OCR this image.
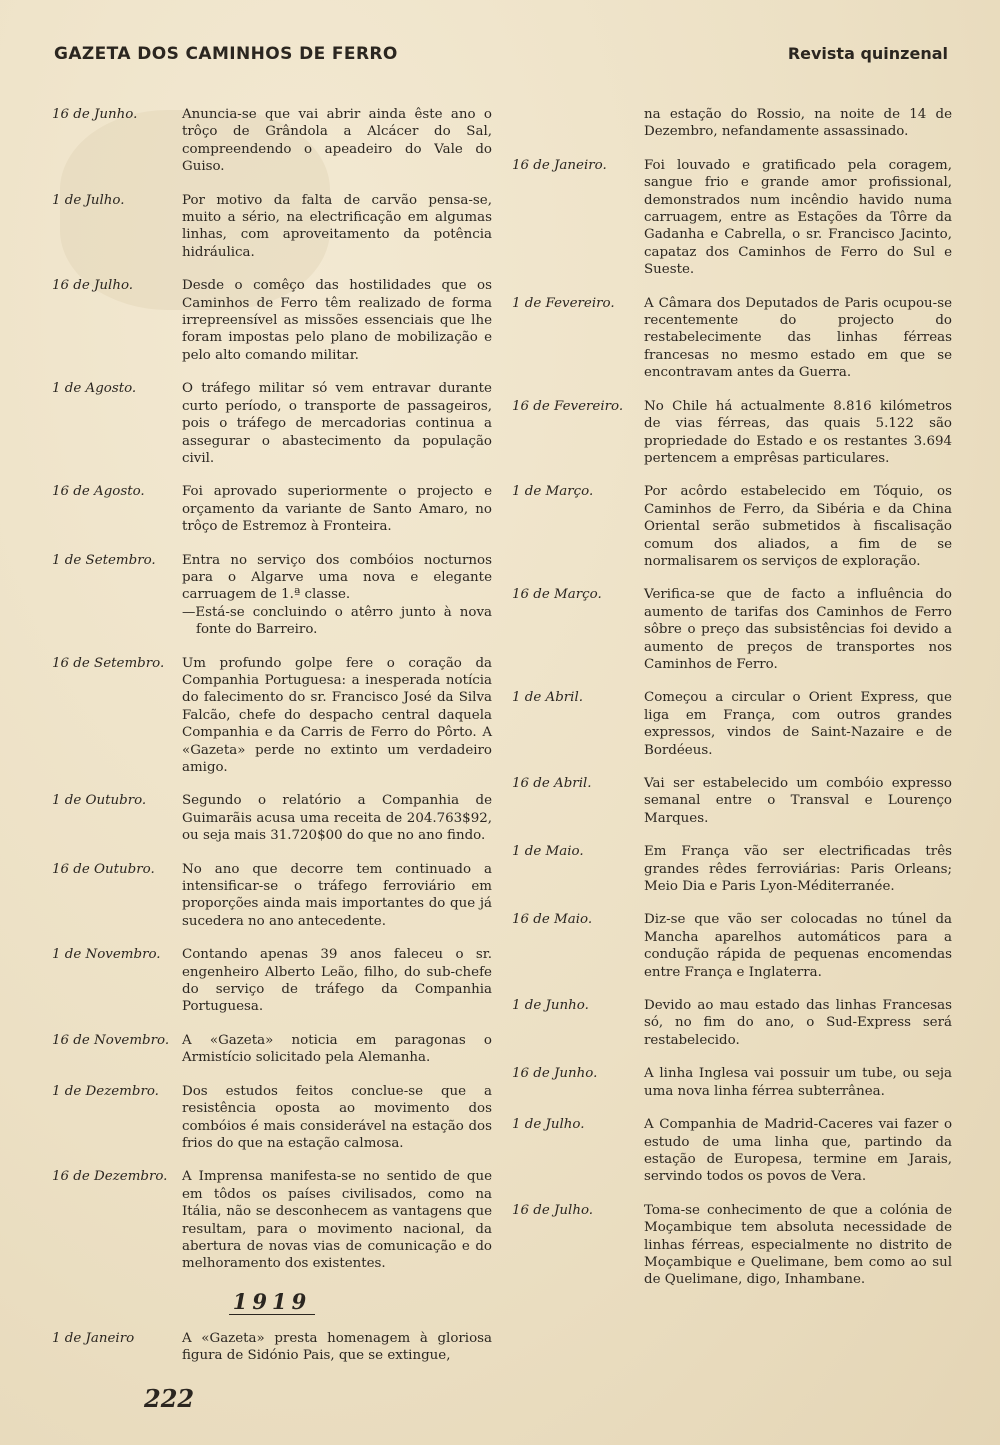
GAZETA DOS CAMINHOS DE FERRO	Revista quinzenal
16 de Junho.	Anuncia-se que vai abrir ainda êste ano o trôço de Grândola a Alcácer do Sal, compreendendo o apeadeiro do Vale do Guiso.

1 de Julho.	Por motivo da falta de carvão pensa-se, muito a sério, na electrificação em algumas linhas, com aproveitamento da potência hidráulica.

16 de Julho.	Desde o comêço das hostilidades que os Caminhos de Ferro têm realizado de forma irrepreensível as missões essenciais que lhe foram impostas pelo plano de mobilização e pelo alto comando militar.

1 de Agosto.	O tráfego militar só vem entravar durante curto período, o transporte de passageiros, pois o tráfego de mercadorias continua a assegurar o abastecimento da população civil.

16 de Agosto.	Foi aprovado superiormente o projecto e orçamento da variante de Santo Amaro, no trôço de Estremoz à Fronteira.

1 de Setembro.	Entra no serviço dos combóios nocturnos para o Algarve uma nova e elegante carruagem de 1.ª classe.

—Está-se concluindo o atêrro junto à nova fonte do Barreiro.

16 de Setembro.	Um profundo golpe fere o coração da Companhia Portuguesa: a inesperada notícia do falecimento do sr. Francisco José da Silva Falcão, chefe do despacho central daquela Companhia e da Carris de Ferro do Pôrto. A «Gazeta» perde no extinto um verdadeiro amigo.

1 de Outubro.	Segundo o relatório a Companhia de Guimarãis acusa uma receita de 204.763$92, ou seja mais 31.720$00 do que no ano findo.

16 de Outubro.	No ano que decorre tem continuado a intensificar-se o tráfego ferroviário em proporções ainda mais importantes do que já sucedera no ano antecedente.

1 de Novembro.	Contando apenas 39 anos faleceu o sr. engenheiro Alberto Leão, filho, do sub-chefe do serviço de tráfego da Companhia Portuguesa.

16 de Novembro. A «Gazeta» noticia em paragonas o Armistício solicitado pela Alemanha.

1 de Dezembro.	Dos estudos feitos conclue-se que a resistência oposta ao movimento dos combóios é mais considerável na estação dos frios do que na estação calmosa.

16 de Dezembro.	A Imprensa manifesta-se no sentido de que em tôdos os países civilisados, como na Itália, não se desconhecem as vantagens que resultam, para o movimento nacional, da abertura de novas vias de comunicação e do melhoramento dos existentes.

1919
1 de Janeiro	A «Gazeta» presta homenagem à gloriosa figura de Sidónio Pais, que se extingue,

na estação do Rossio, na noite de 14 de Dezembro, nefandamente assassinado.
16 de Janeiro.	Foi louvado e gratificado pela coragem, sangue frio e grande amor profissional, demonstrados num incêndio havido numa carruagem, entre as Estações da Tôrre da Gadanha e Cabrella, o sr. Francisco Jacinto, capataz dos Caminhos de Ferro do Sul e Sueste.

1 de Fevereiro.	A Câmara dos Deputados de Paris ocupou-se recentemente do projecto do restabelecimente das linhas férreas francesas no mesmo estado em que se encontravam antes da Guerra.

16 de Fevereiro.	No Chile há actualmente 8.816 kilómetros de vias férreas, das quais 5.122 são propriedade do Estado e os restantes 3.694 pertencem a emprêsas particulares.

1 de Março.	Por acôrdo estabelecido em Tóquio, os Caminhos de Ferro, da Sibéria e da China Oriental serão submetidos à fiscalisação comum dos aliados, a fim de se normalisarem os serviços de exploração.

16 de Março.	Verifica-se que de facto a influência do aumento de tarifas dos Caminhos de Ferro sôbre o preço das subsistências foi devido a aumento de preços de transportes nos Caminhos de Ferro.

1 de Abril.	Começou a circular o Orient Express, que liga em França, com outros grandes expressos, vindos de Saint-Nazaire e de Bordéeus.

16 de Abril.	Vai ser estabelecido um combóio expresso semanal entre o Transval e Lourenço Marques.

1 de Maio.	Em França vão ser electrificadas três grandes rêdes ferroviárias: Paris Orleans; Meio Dia e Paris Lyon-Méditerranée.

16 de Maio.	Diz-se que vão ser colocadas no túnel da Mancha aparelhos automáticos para a condução rápida de pequenas encomendas entre França e Inglaterra.

1 de Junho.	Devido ao mau estado das linhas Francesas só, no fim do ano, o Sud-Express será restabelecido.

16 de Junho.	A linha Inglesa vai possuir um tube, ou seja uma nova linha férrea subterrânea.

1 de Julho.	A Companhia de Madrid-Caceres vai fazer o estudo de uma linha que, partindo da estação de Europesa, termine em Jarais, servindo todos os povos de Vera.

16 de Julho.	Toma-se conhecimento de que a colónia de Moçambique tem absoluta necessidade de linhas férreas, especialmente no distrito de Moçambique e Quelimane, bem como ao sul de Quelimane, digo, Inhambane.

222
